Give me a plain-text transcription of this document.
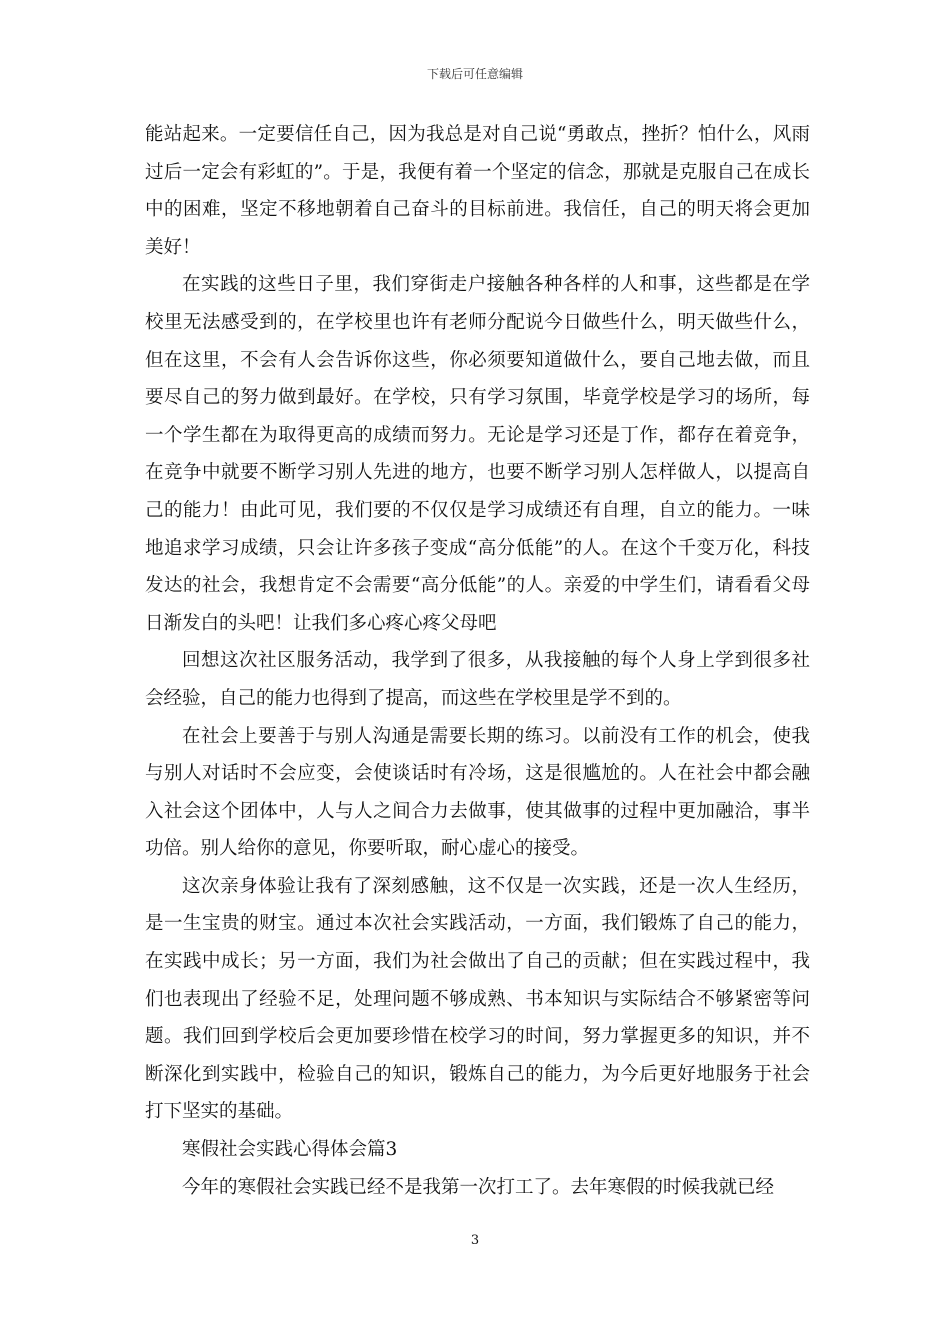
下载后可任意编辑

能站起来。一定要信任自己，因为我总是对自己说“勇敢点，挫折？怕什么，风雨过后一定会有彩虹的”。于是，我便有着一个坚定的信念，那就是克服自己在成长中的困难，坚定不移地朝着自己奋斗的目标前进。我信任，自己的明天将会更加美好！

在实践的这些日子里，我们穿街走户接触各种各样的人和事，这些都是在学校里无法感受到的，在学校里也许有老师分配说今日做些什么，明天做些什么，但在这里，不会有人会告诉你这些，你必须要知道做什么，要自己地去做，而且要尽自己的努力做到最好。在学校，只有学习氛围，毕竟学校是学习的场所，每一个学生都在为取得更高的成绩而努力。无论是学习还是丁作，都存在着竞争，在竞争中就要不断学习别人先进的地方，也要不断学习别人怎样做人，以提高自己的能力！由此可见，我们要的不仅仅是学习成绩还有自理，自立的能力。一味地追求学习成绩，只会让许多孩子变成“高分低能”的人。在这个千变万化，科技发达的社会，我想肯定不会需要“高分低能”的人。亲爱的中学生们，请看看父母日渐发白的头吧！让我们多心疼心疼父母吧

回想这次社区服务活动，我学到了很多，从我接触的每个人身上学到很多社会经验，自己的能力也得到了提高，而这些在学校里是学不到的。

在社会上要善于与别人沟通是需要长期的练习。以前没有工作的机会，使我与别人对话时不会应变，会使谈话时有冷场，这是很尴尬的。人在社会中都会融入社会这个团体中，人与人之间合力去做事，使其做事的过程中更加融洽，事半功倍。别人给你的意见，你要听取，耐心虚心的接受。

这次亲身体验让我有了深刻感触，这不仅是一次实践，还是一次人生经历，是一生宝贵的财宝。通过本次社会实践活动，一方面，我们锻炼了自己的能力，在实践中成长；另一方面，我们为社会做出了自己的贡献；但在实践过程中，我们也表现出了经验不足，处理问题不够成熟、书本知识与实际结合不够紧密等问题。我们回到学校后会更加要珍惜在校学习的时间，努力掌握更多的知识，并不断深化到实践中，检验自己的知识，锻炼自己的能力，为今后更好地服务于社会打下坚实的基础。

寒假社会实践心得体会篇3

今年的寒假社会实践已经不是我第一次打工了。去年寒假的时候我就已经

3
